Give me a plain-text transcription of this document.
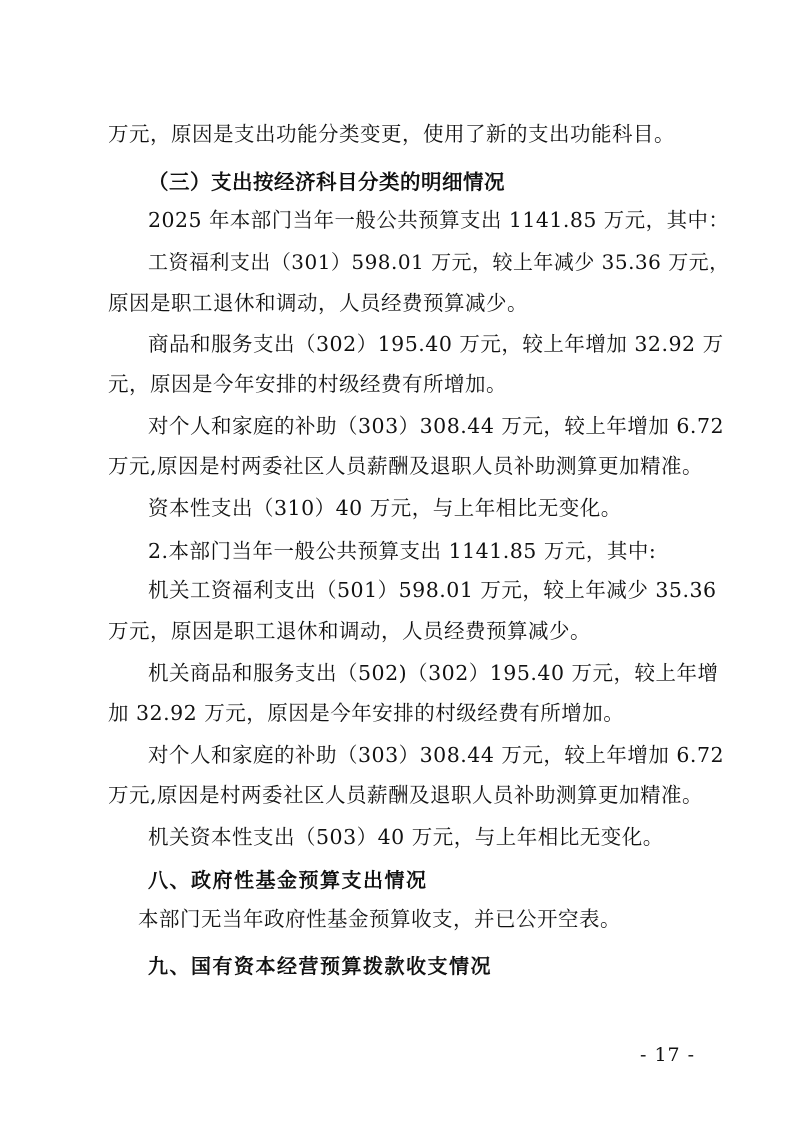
万元，原因是支出功能分类变更，使用了新的支出功能科目。
（三）支出按经济科目分类的明细情况
2025 年本部门当年一般公共预算支出 1141.85 万元，其中：
工资福利支出（301）598.01 万元，较上年减少 35.36 万元，
原因是职工退休和调动，人员经费预算减少。
商品和服务支出（302）195.40 万元，较上年增加 32.92 万
元，原因是今年安排的村级经费有所增加。
对个人和家庭的补助（303）308.44 万元，较上年增加 6.72
万元,原因是村两委社区人员薪酬及退职人员补助测算更加精准。
资本性支出（310）40 万元，与上年相比无变化。
2.本部门当年一般公共预算支出 1141.85 万元，其中:
机关工资福利支出（501）598.01 万元，较上年减少 35.36
万元，原因是职工退休和调动，人员经费预算减少。
机关商品和服务支出（502)（302）195.40 万元，较上年增
加 32.92 万元，原因是今年安排的村级经费有所增加。
对个人和家庭的补助（303）308.44 万元，较上年增加 6.72
万元,原因是村两委社区人员薪酬及退职人员补助测算更加精准。
机关资本性支出（503）40 万元，与上年相比无变化。
八、政府性基金预算支出情况
本部门无当年政府性基金预算收支，并已公开空表。
九、国有资本经营预算拨款收支情况
- 17 -
